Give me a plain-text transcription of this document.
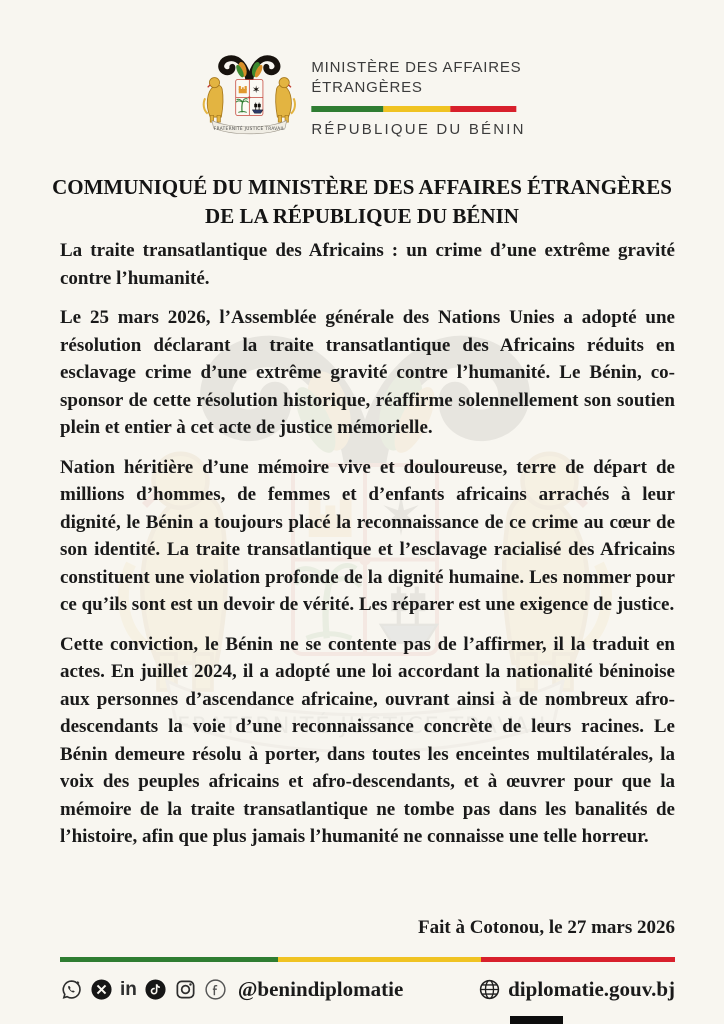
MINISTÈRE DES AFFAIRES
ÉTRANGÈRES
RÉPUBLIQUE DU BÉNIN
COMMUNIQUÉ DU MINISTÈRE DES AFFAIRES ÉTRANGÈRES
DE LA RÉPUBLIQUE DU BÉNIN

La traite transatlantique des Africains : un crime d’une extrême gravité contre l’humanité.

Le 25 mars 2026, l’Assemblée générale des Nations Unies a adopté une résolution déclarant la traite transatlantique des Africains réduits en esclavage crime d’une extrême gravité contre l’humanité. Le Bénin, co-sponsor de cette résolution historique, réaffirme solennellement son soutien plein et entier à cet acte de justice mémorielle.

Nation héritière d’une mémoire vive et douloureuse, terre de départ de millions d’hommes, de femmes et d’enfants africains arrachés à leur dignité, le Bénin a toujours placé la reconnaissance de ce crime au cœur de son identité. La traite transatlantique et l’esclavage racialisé des Africains constituent une violation profonde de la dignité humaine. Les nommer pour ce qu’ils sont est un devoir de vérité. Les réparer est une exigence de justice.

Cette conviction, le Bénin ne se contente pas de l’affirmer, il la traduit en actes. En juillet 2024, il a adopté une loi accordant la nationalité béninoise aux personnes d’ascendance africaine, ouvrant ainsi à de nombreux afro-descendants la voie d’une reconnaissance concrète de leurs racines. Le Bénin demeure résolu à porter, dans toutes les enceintes multilatérales, la voix des peuples africains et afro-descendants, et à œuvrer pour que la mémoire de la traite transatlantique ne tombe pas dans les banalités de l’histoire, afin que plus jamais l’humanité ne connaisse une telle horreur.

Fait à Cotonou, le 27 mars 2026
in	@benindiplomatie	diplomatie.gouv.bj
